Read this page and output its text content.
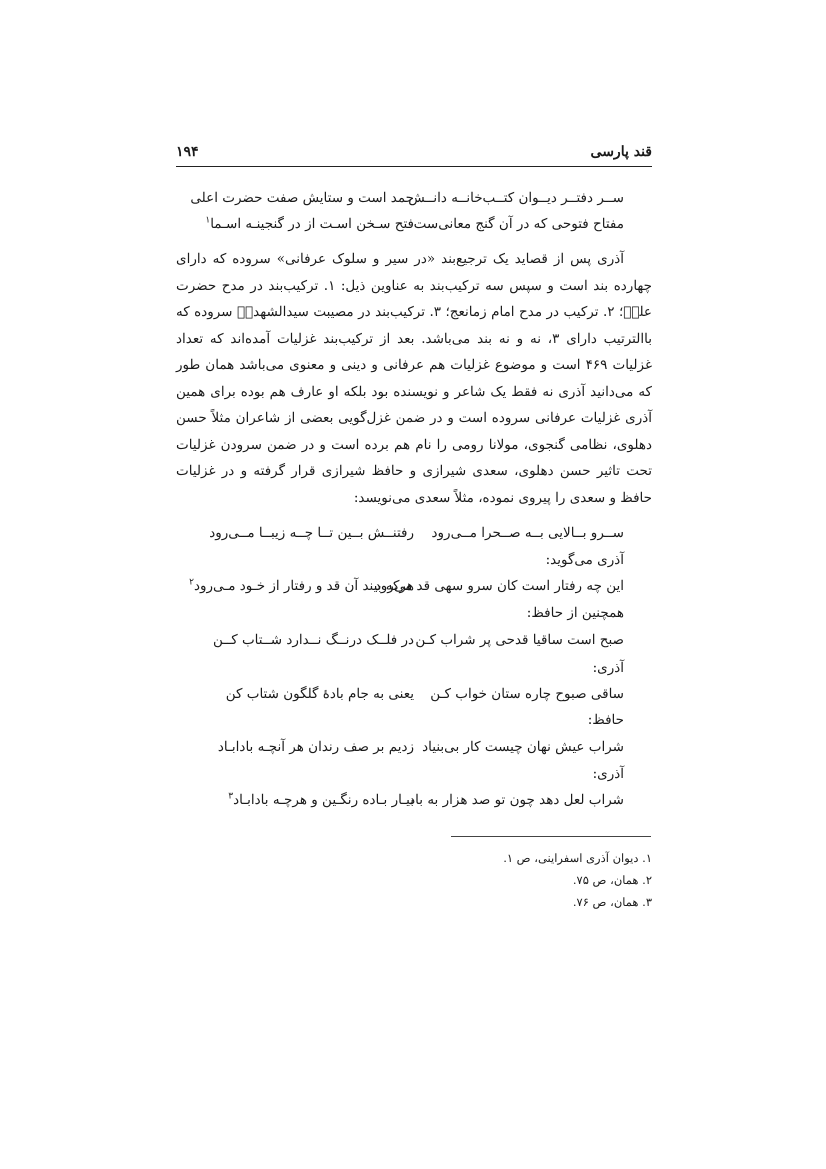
قند پارسی
۱۹۴
ســر دفتــر دیــوان کتــب‌خانــه دانــش
حمد است و ستایش صفت حضرت اعلی
مفتاح فتوحی که در آن گنج معانی‌ست
فتح سـخن اسـت از در گنجینـه اسـما$^۱$
آذری پس از قصاید یک ترجیع‌بند «در سیر و سلوک عرفانی» سروده که دارای
چهارده بند است و سپس سه ترکیب‌بند به عناوین ذیل: ۱. ترکیب‌بند در مدح حضرت
علیؑ؛ ۲. ترکیب در مدح امام زمانعج؛ ۳. ترکیب‌بند در مصیبت سیدالشهداؑ سروده که
باالترتیب دارای ۳، نه و نه بند می‌باشد. بعد از ترکیب‌بند غزلیات آمده‌اند که تعداد
غزلیات ۴۶۹ است و موضوع غزلیات هم عرفانی و دینی و معنوی می‌باشد همان طور
که می‌دانید آذری نه فقط یک شاعر و نویسنده بود بلکه او عارف هم بوده برای همین
آذری غزلیات عرفانی سروده است و در ضمن غزل‌گویی بعضی از شاعران مثلاً حسن
دهلوی، نظامی گنجوی، مولانا رومی را نام هم برده است و در ضمن سرودن غزلیات
تحت تاثیر حسن دهلوی، سعدی شیرازی و حافظ شیرازی قرار گرفته و در غزلیات
حافظ و سعدی را پیروی نموده، مثلاً سعدی می‌نویسد:
ســرو بــالایی بــه صــحرا مــی‌رود
رفتنــش بــین تــا چــه زیبــا مــی‌رود
آذری می‌گوید:
این چه رفتار است کان سرو سهی قد می‌رود
هرکه بیند آن قد و رفتار از خـود مـی‌رود$^۲$
همچنین از حافظ:
صبح است ساقیا قدحی پر شراب کـن
در فلــک درنــگ نــدارد شــتاب کــن
آذری:
ساقی صبوح چاره ستان خواب کـن
یعنی به جام بادۀ گلگون شتاب کن
حافظ:
شراب عیش نهان چیست کار بی‌بنیاد
زدیم بر صف رندان هر آنچـه بادابـاد
آذری:
شراب لعل دهد چون تو صد هزار به باد
بیـار بـاده رنگـین و هرچـه بادابـاد$^۳$
۱. دیوان آذری اسفراینی، ص ۱.
۲. همان، ص ۷۵.
۳. همان، ص ۷۶.
